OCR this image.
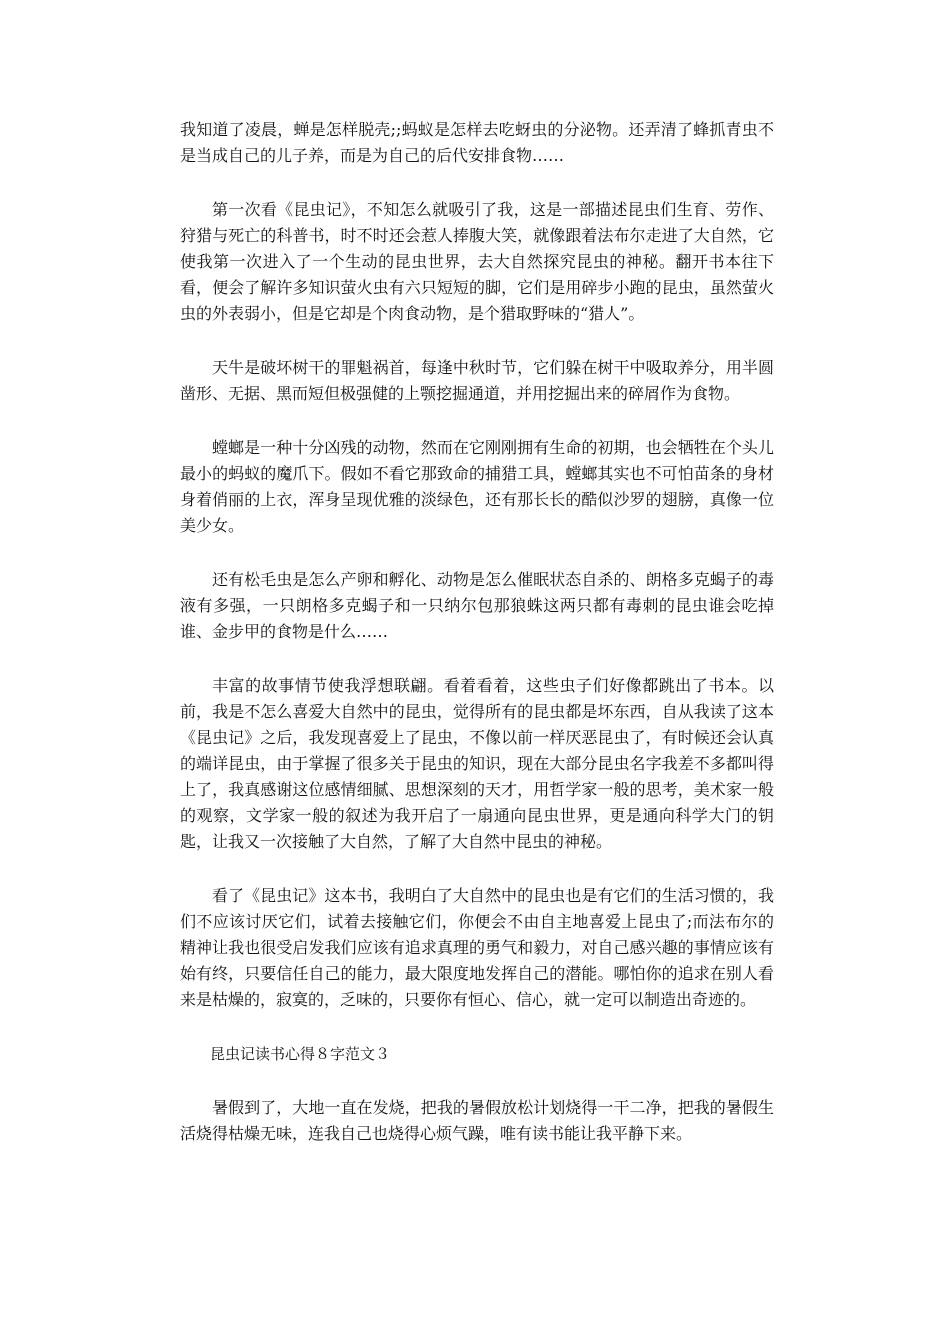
我知道了凌晨，蝉是怎样脱壳;;蚂蚁是怎样去吃蚜虫的分泌物。还弄清了蜂抓青虫不是当成自己的儿子养，而是为自己的后代安排食物……

第一次看《昆虫记》，不知怎么就吸引了我，这是一部描述昆虫们生育、劳作、狩猎与死亡的科普书，时不时还会惹人捧腹大笑，就像跟着法布尔走进了大自然，它使我第一次进入了一个生动的昆虫世界，去大自然探究昆虫的神秘。翻开书本往下看，便会了解许多知识萤火虫有六只短短的脚，它们是用碎步小跑的昆虫，虽然萤火虫的外表弱小，但是它却是个肉食动物，是个猎取野味的“猎人”。

天牛是破坏树干的罪魁祸首，每逢中秋时节，它们躲在树干中吸取养分，用半圆凿形、无据、黑而短但极强健的上颚挖掘通道，并用挖掘出来的碎屑作为食物。

螳螂是一种十分凶残的动物，然而在它刚刚拥有生命的初期，也会牺牲在个头儿最小的蚂蚁的魔爪下。假如不看它那致命的捕猎工具，螳螂其实也不可怕苗条的身材身着俏丽的上衣，浑身呈现优雅的淡绿色，还有那长长的酷似沙罗的翅膀，真像一位美少女。

还有松毛虫是怎么产卵和孵化、动物是怎么催眠状态自杀的、朗格多克蝎子的毒液有多强，一只朗格多克蝎子和一只纳尔包那狼蛛这两只都有毒刺的昆虫谁会吃掉谁、金步甲的食物是什么……

丰富的故事情节使我浮想联翩。看着看着，这些虫子们好像都跳出了书本。以前，我是不怎么喜爱大自然中的昆虫，觉得所有的昆虫都是坏东西，自从我读了这本《昆虫记》之后，我发现喜爱上了昆虫，不像以前一样厌恶昆虫了，有时候还会认真的端详昆虫，由于掌握了很多关于昆虫的知识，现在大部分昆虫名字我差不多都叫得上了，我真感谢这位感情细腻、思想深刻的天才，用哲学家一般的思考，美术家一般的观察，文学家一般的叙述为我开启了一扇通向昆虫世界，更是通向科学大门的钥匙，让我又一次接触了大自然，了解了大自然中昆虫的神秘。

看了《昆虫记》这本书，我明白了大自然中的昆虫也是有它们的生活习惯的，我们不应该讨厌它们，试着去接触它们，你便会不由自主地喜爱上昆虫了;而法布尔的精神让我也很受启发我们应该有追求真理的勇气和毅力，对自己感兴趣的事情应该有始有终，只要信任自己的能力，最大限度地发挥自己的潜能。哪怕你的追求在别人看来是枯燥的，寂寞的，乏味的，只要你有恒心、信心，就一定可以制造出奇迹的。

昆虫记读书心得８字范文３

暑假到了，大地一直在发烧，把我的暑假放松计划烧得一干二净，把我的暑假生活烧得枯燥无味，连我自己也烧得心烦气躁，唯有读书能让我平静下来。
